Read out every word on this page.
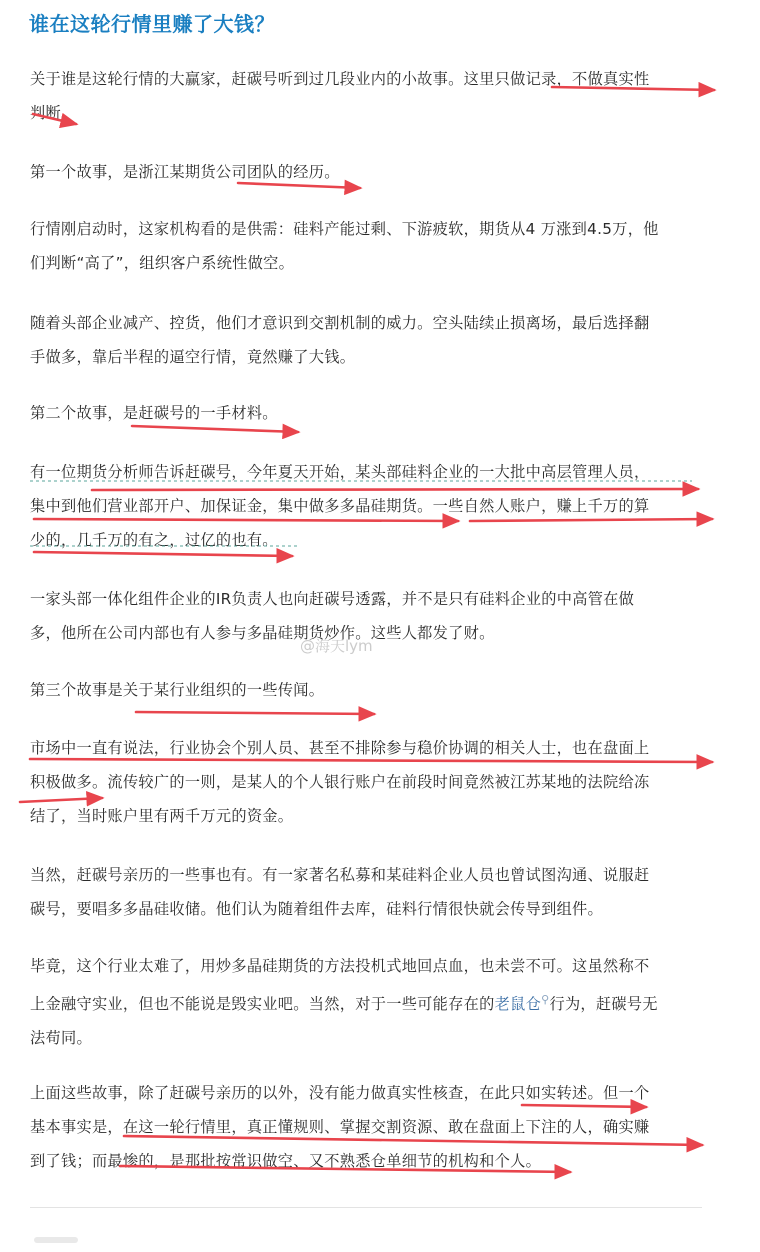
谁在这轮行情里赚了大钱？

关于谁是这轮行情的大赢家，赶碳号听到过几段业内的小故事。这里只做记录，不做真实性
判断。

第一个故事，是浙江某期货公司团队的经历。

行情刚启动时，这家机构看的是供需：硅料产能过剩、下游疲软，期货从4 万涨到4.5万，他
们判断“高了”，组织客户系统性做空。

随着头部企业减产、控货，他们才意识到交割机制的威力。空头陆续止损离场，最后选择翻
手做多，靠后半程的逼空行情，竟然赚了大钱。

第二个故事，是赶碳号的一手材料。

有一位期货分析师告诉赶碳号，今年夏天开始，某头部硅料企业的一大批中高层管理人员，
集中到他们营业部开户、加保证金，集中做多多晶硅期货。一些自然人账户，赚上千万的算
少的，几千万的有之，过亿的也有。

一家头部一体化组件企业的IR负责人也向赶碳号透露，并不是只有硅料企业的中高管在做
多，他所在公司内部也有人参与多晶硅期货炒作。这些人都发了财。

第三个故事是关于某行业组织的一些传闻。

市场中一直有说法，行业协会个别人员、甚至不排除参与稳价协调的相关人士，也在盘面上
积极做多。流传较广的一则，是某人的个人银行账户在前段时间竟然被江苏某地的法院给冻
结了，当时账户里有两千万元的资金。

当然，赶碳号亲历的一些事也有。有一家著名私募和某硅料企业人员也曾试图沟通、说服赶
碳号，要唱多多晶硅收储。他们认为随着组件去库，硅料行情很快就会传导到组件。

毕竟，这个行业太难了，用炒多晶硅期货的方法投机式地回点血，也未尝不可。这虽然称不
上金融守实业，但也不能说是毁实业吧。当然，对于一些可能存在的老鼠仓⚲行为，赶碳号无
法苟同。

上面这些故事，除了赶碳号亲历的以外，没有能力做真实性核查，在此只如实转述。但一个
基本事实是，在这一轮行情里，真正懂规则、掌握交割资源、敢在盘面上下注的人，确实赚
到了钱；而最惨的，是那批按常识做空、又不熟悉仓单细节的机构和个人。

@海天lym
